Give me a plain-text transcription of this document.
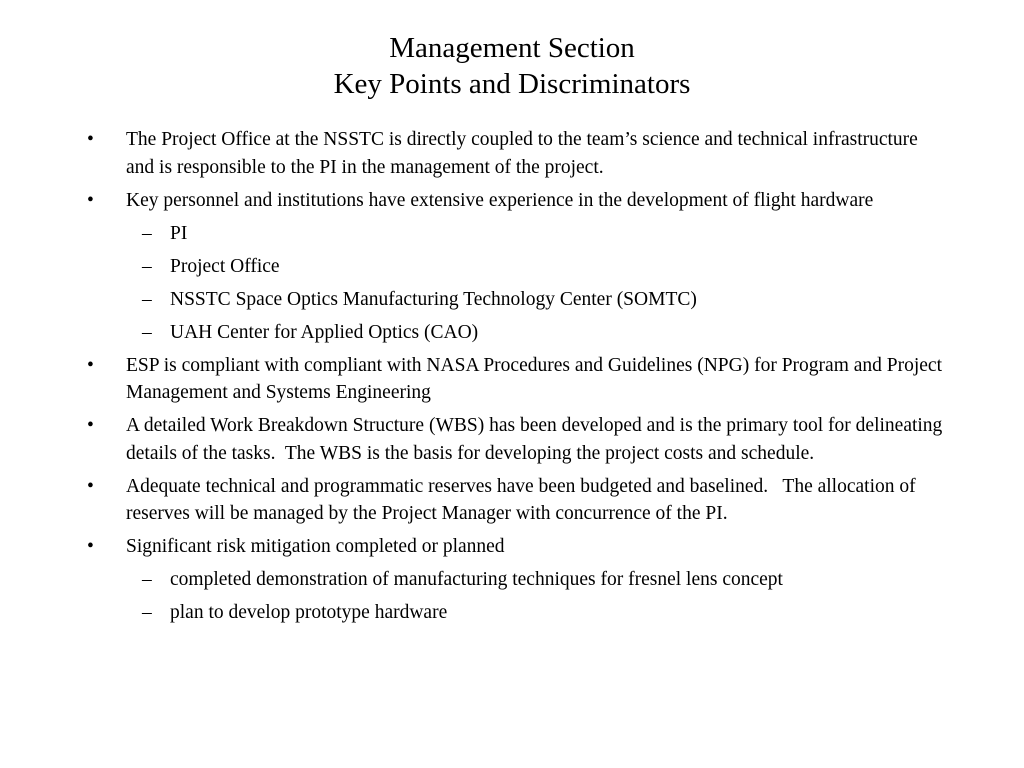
Management Section
Key Points and Discriminators
• The Project Office at the NSSTC is directly coupled to the team’s science and technical infrastructure and is responsible to the PI in the management of the project.
• Key personnel and institutions have extensive experience in the development of flight hardware
– PI
– Project Office
– NSSTC Space Optics Manufacturing Technology Center (SOMTC)
– UAH Center for Applied Optics (CAO)
• ESP is compliant with compliant with NASA Procedures and Guidelines (NPG) for Program and Project Management and Systems Engineering
• A detailed Work Breakdown Structure (WBS) has been developed and is the primary tool for delineating details of the tasks.  The WBS is the basis for developing the project costs and schedule.
• Adequate technical and programmatic reserves have been budgeted and baselined.   The allocation of reserves will be managed by the Project Manager with concurrence of the PI.
• Significant risk mitigation completed or planned
– completed demonstration of manufacturing techniques for fresnel lens concept
– plan to develop prototype hardware
